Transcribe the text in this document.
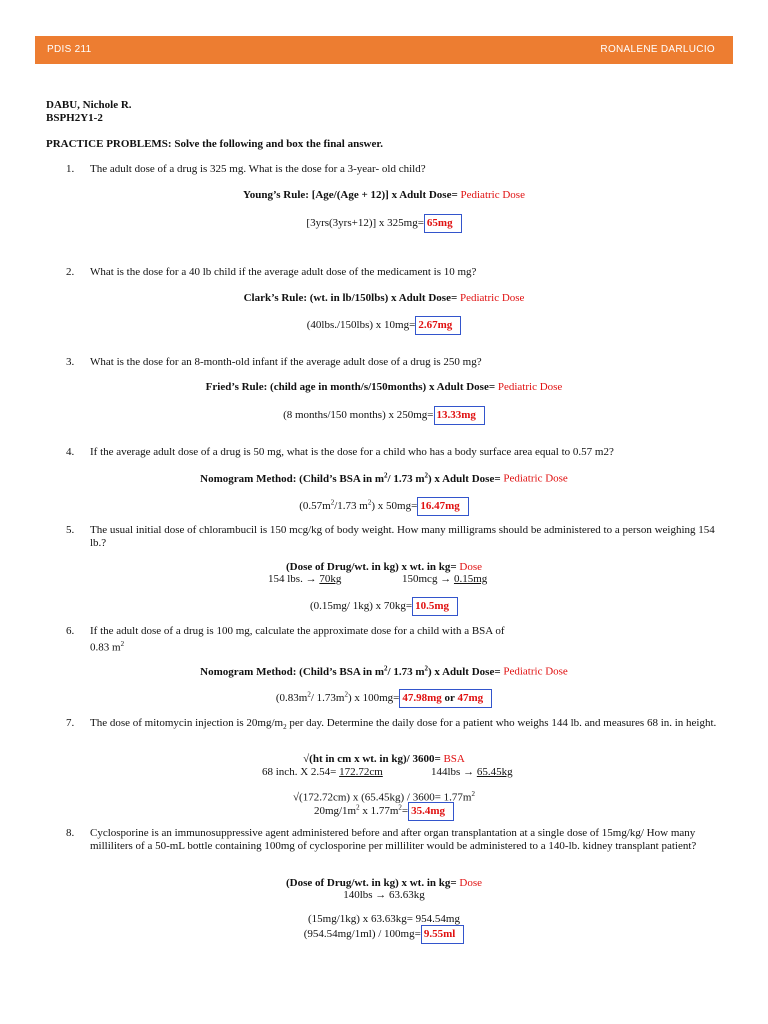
PDIS 211	RONALENE DARLUCIO
DABU, Nichole R.
BSPH2Y1-2
PRACTICE PROBLEMS: Solve the following and box the final answer.
1.	The adult dose of a drug is 325 mg. What is the dose for a 3-year- old child?
Young’s Rule: [Age/(Age + 12)] x Adult Dose= Pediatric Dose
[3yrs(3yrs+12)] x 325mg= 65mg
2.	What is the dose for a 40 lb child if the average adult dose of the medicament is 10 mg?
Clark’s Rule: (wt. in lb/150lbs) x Adult Dose= Pediatric Dose
(40lbs./150lbs) x 10mg= 2.67mg
3.	What is the dose for an 8-month-old infant if the average adult dose of a drug is 250 mg?
Fried’s Rule: (child age in month/s/150months) x Adult Dose= Pediatric Dose
(8 months/150 months) x 250mg= 13.33mg
4.	If the average adult dose of a drug is 50 mg, what is the dose for a child who has a body surface area equal to 0.57 m2?
Nomogram Method: (Child’s BSA in $m^2/$ 1.73 $m^2$) x Adult Dose= Pediatric Dose
($0.57m^2/1.73$ $m^2$) x 50mg= 16.47mg
5.	The usual initial dose of chlorambucil is 150 mcg/kg of body weight. How many milligrams should be administered to a person weighing 154 lb.?
(Dose of Drug/wt. in kg) x wt. in kg= Dose
154 lbs. → 70kg	150mcg → 0.15mg
(0.15mg/ 1kg) x 70kg= 10.5mg
6.	If the adult dose of a drug is 100 mg, calculate the approximate dose for a child with a BSA of
0.83 $m^2$
Nomogram Method: (Child’s BSA in $m^2/$ 1.73 $m^2$) x Adult Dose= Pediatric Dose
($0.83m^2/$ $1.73m^2$) x 100mg= 47.98mg or 47mg
7.	The dose of mitomycin injection is $20mg/m_2$ per day. Determine the daily dose for a patient who weighs 144 lb. and measures 68 in. in height.
√(ht in cm x wt. in kg)/ 3600= BSA
68 inch. X 2.54= 172.72cm	144lbs → 65.45kg
√(172.72cm) x $(65.45kg) / 3600= 1.77m^2$
$20mg/1m^2$ x $1.77m^2= 35.4mg$
8.	Cyclosporine is an immunosuppressive agent administered before and after organ transplantation at a single dose of 15mg/kg/ How many milliliters of a 50-mL bottle containing 100mg of cyclosporine per milliliter would be administered to a 140-lb. kidney transplant patient?
(Dose of Drug/wt. in kg) x wt. in kg= Dose
140lbs → 63.63kg
(15mg/1kg) x 63.63kg= 954.54mg
(954.54mg/1ml) / 100mg= 9.55ml
